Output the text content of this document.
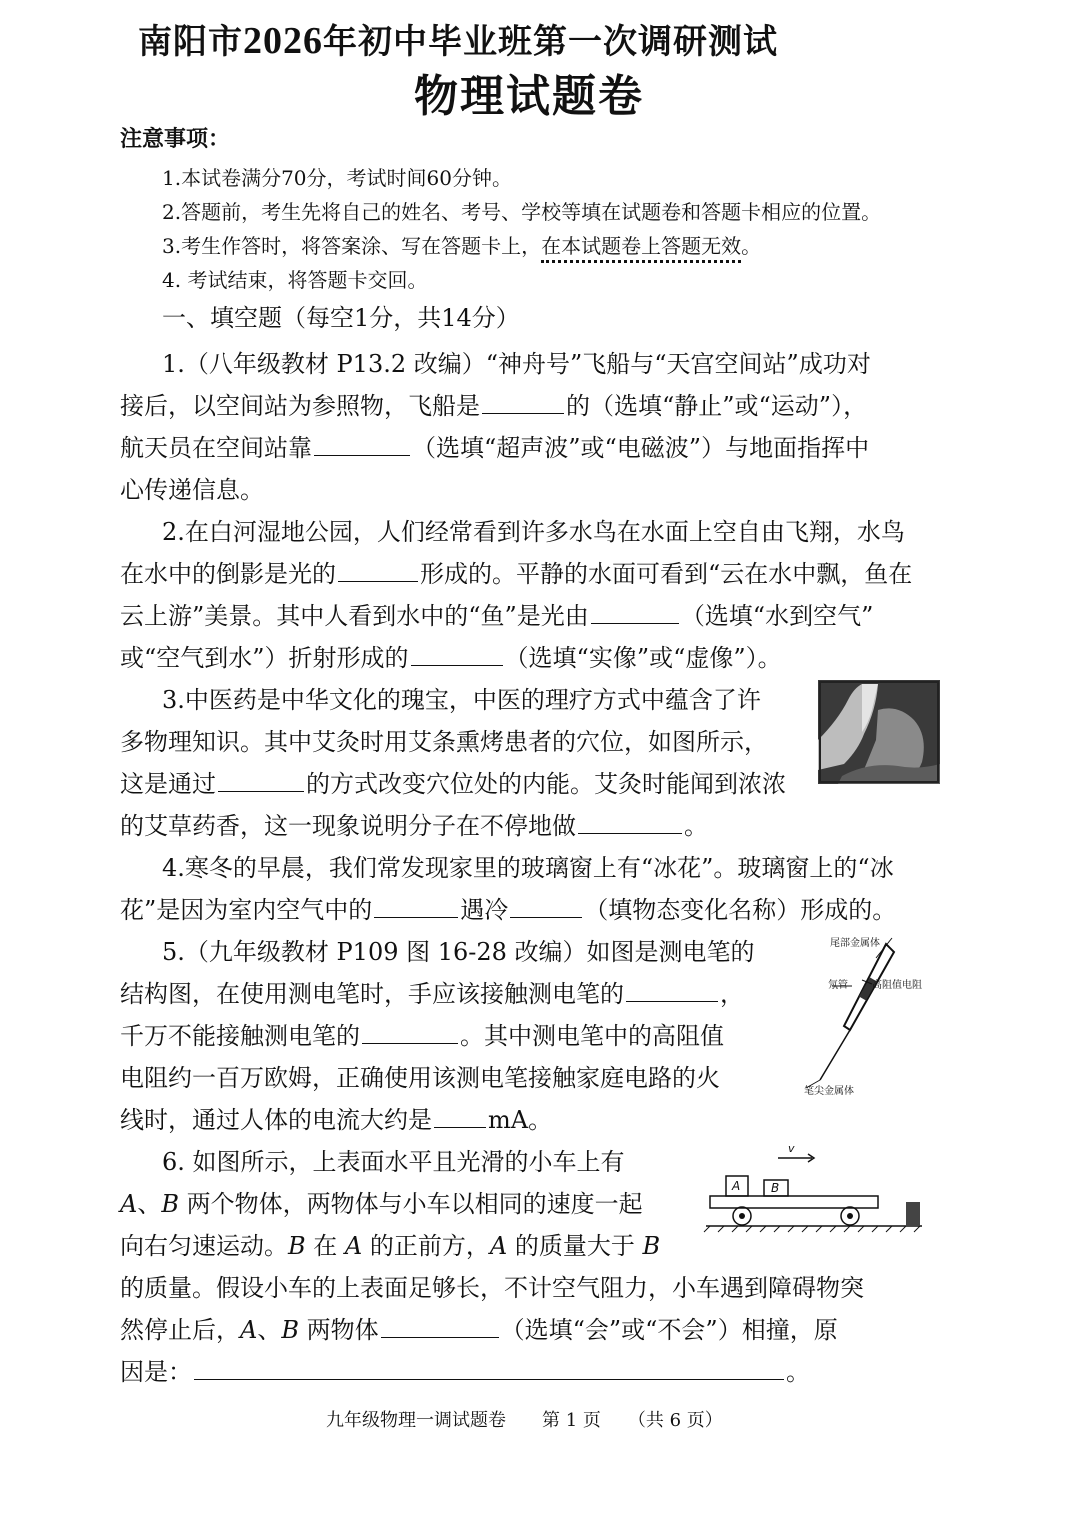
南阳市2026年初中毕业班第一次调研测试
物理试题卷
注意事项：
1.本试卷满分70分，考试时间60分钟。
2.答题前，考生先将自己的姓名、考号、学校等填在试题卷和答题卡相应的位置。
3.考生作答时，将答案涂、写在答题卡上，在本试题卷上答题无效。
4. 考试结束，将答题卡交回。
一、填空题（每空1分，共14分）
1.（八年级教材 P13.2 改编）“神舟号”飞船与“天宫空间站”成功对
接后，以空间站为参照物，飞船是	的（选填“静止”或“运动”），
航天员在空间站靠	（选填“超声波”或“电磁波”）与地面指挥中
心传递信息。
2.在白河湿地公园，人们经常看到许多水鸟在水面上空自由飞翔，水鸟
在水中的倒影是光的	形成的。平静的水面可看到“云在水中飘，鱼在
云上游”美景。其中人看到水中的“鱼”是光由	（选填“水到空气”
或“空气到水”）折射形成的	（选填“实像”或“虚像”）。
3.中医药是中华文化的瑰宝，中医的理疗方式中蕴含了许
多物理知识。其中艾灸时用艾条熏烤患者的穴位，如图所示，
这是通过	的方式改变穴位处的内能。艾灸时能闻到浓浓
的艾草药香，这一现象说明分子在不停地做	。
4.寒冬的早晨，我们常发现家里的玻璃窗上有“冰花”。玻璃窗上的“冰
花”是因为室内空气中的	遇冷	（填物态变化名称）形成的。
5.（九年级教材 P109 图 16-28 改编）如图是测电笔的
结构图，在使用测电笔时，手应该接触测电笔的	，
千万不能接触测电笔的	。其中测电笔中的高阻值
电阻约一百万欧姆，正确使用该测电笔接触家庭电路的火
线时，通过人体的电流大约是 mA。
尾部金属体
氖管 高阻值电阻
笔尖金属体
6. 如图所示，上表面水平且光滑的小车上有
A、B 两个物体，两物体与小车以相同的速度一起
向右匀速运动。B 在 A 的正前方，A 的质量大于 B
的质量。假设小车的上表面足够长，不计空气阻力，小车遇到障碍物突
然停止后，A、B 两物体	（选填“会”或“不会”）相撞，原
因是：	。
v
A	B
九年级物理一调试题卷　　第 1 页　　（共 6 页）
